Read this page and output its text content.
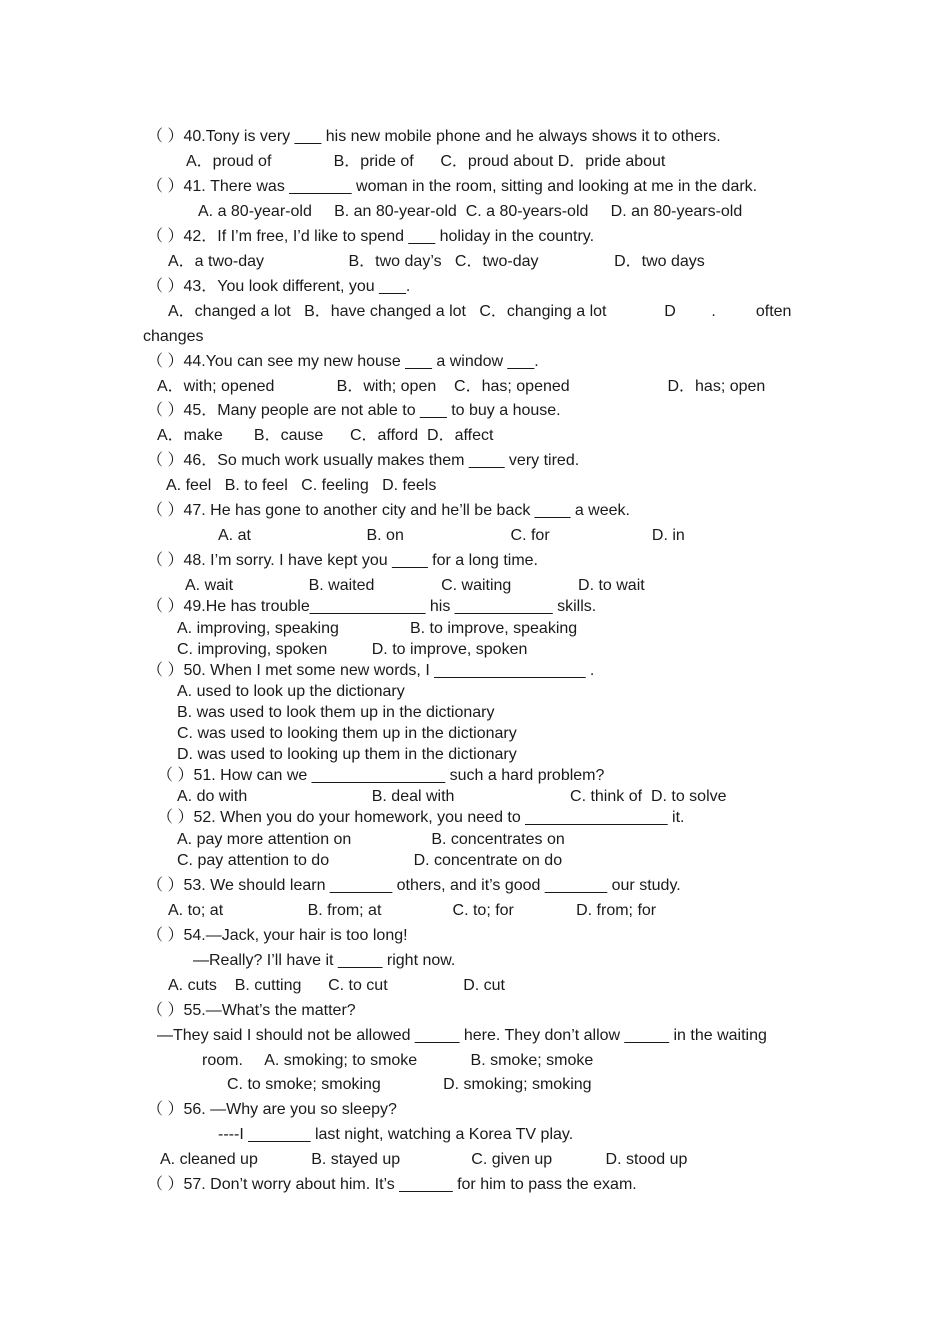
（ ）40.Tony is very ___ his new mobile phone and he always shows it to others.
A．proud of              B．pride of      C．proud about D．pride about
（ ）41. There was _______ woman in the room, sitting and looking at me in the dark.
A. a 80-year-old     B. an 80-year-old  C. a 80-years-old     D. an 80-years-old
（ ）42．If I’m free, I’d like to spend ___ holiday in the country.
A．a two-day                   B．two day’s   C．two-day                 D．two days
（ ）43．You look different, you ___.
A．changed a lot   B．have changed a lot   C．changing a lot             D        .         often
changes
（ ）44.You can see my new house ___ a window ___.
A．with; opened              B．with; open    C．has; opened                      D．has; open
（ ）45．Many people are not able to ___ to buy a house.
A．make       B．cause      C．afford  D．affect
（ ）46．So much work usually makes them ____ very tired.
A. feel   B. to feel   C. feeling   D. feels
（ ）47. He has gone to another city and he’ll be back ____ a week.
A. at                          B. on                        C. for                       D. in
（ ）48. I’m sorry. I have kept you ____ for a long time.
A. wait                 B. waited               C. waiting               D. to wait
（ ）49.He has trouble_____________ his ___________ skills.
A. improving, speaking                B. to improve, speaking
C. improving, spoken          D. to improve, spoken
（ ）50. When I met some new words, I _________________ .
A. used to look up the dictionary
B. was used to look them up in the dictionary
C. was used to looking them up in the dictionary
D. was used to looking up them in the dictionary
（ ）51. How can we _______________ such a hard problem?
A. do with                            B. deal with                          C. think of  D. to solve
（ ）52. When you do your homework, you need to ________________ it.
A. pay more attention on                  B. concentrates on
C. pay attention to do                   D. concentrate on do
（ ）53. We should learn _______ others, and it’s good _______ our study.
A. to; at                   B. from; at                C. to; for              D. from; for
（ ）54.—Jack, your hair is too long!
—Really? I’ll have it _____ right now.
A. cuts    B. cutting      C. to cut                 D. cut
（ ）55.—What’s the matter?
—They said I should not be allowed _____ here. They don’t allow _____ in the waiting
room.     A. smoking; to smoke            B. smoke; smoke
C. to smoke; smoking              D. smoking; smoking
（ ）56. —Why are you so sleepy?
----I _______ last night, watching a Korea TV play.
A. cleaned up            B. stayed up                C. given up            D. stood up
（ ）57. Don’t worry about him. It’s ______ for him to pass the exam.
